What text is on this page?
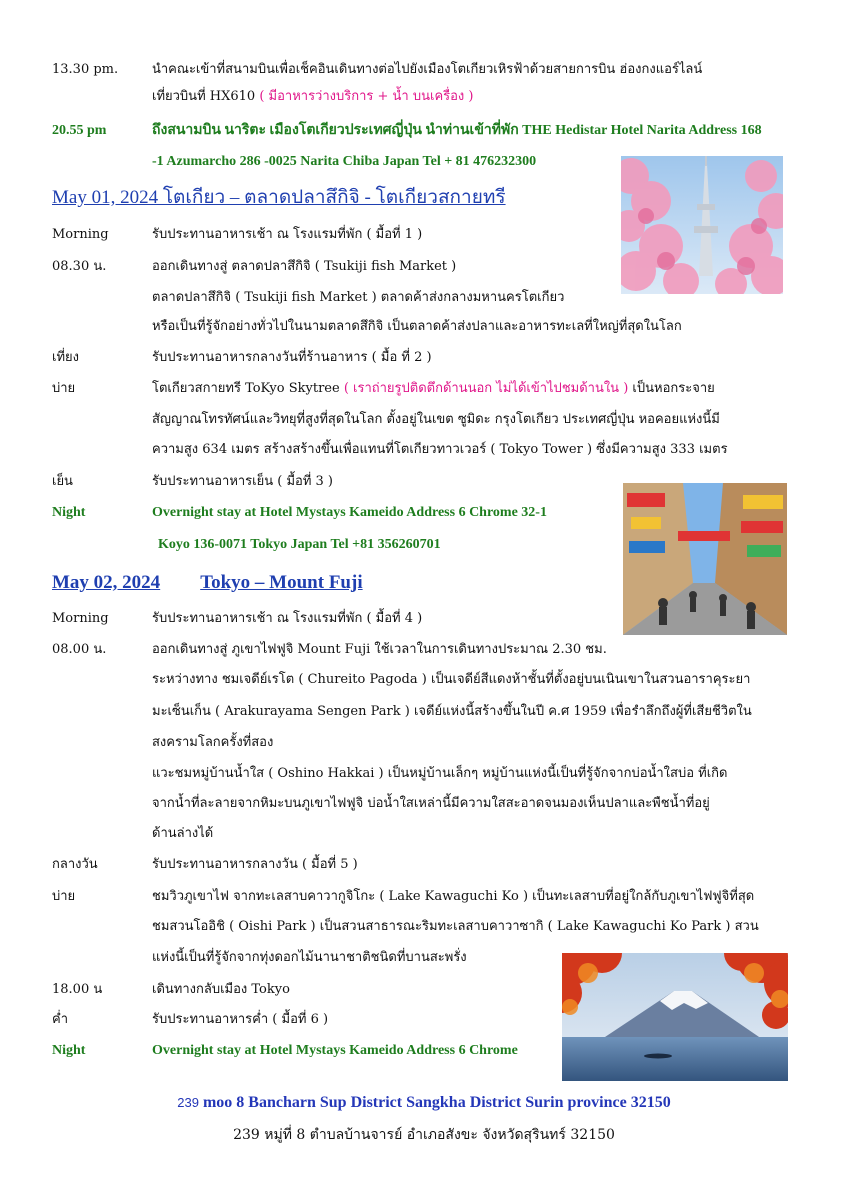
13.30 pm.	นำคณะเข้าที่สนามบินเพื่อเช็คอินเดินทางต่อไปยังเมืองโตเกียวเหิรฟ้าด้วยสายการบิน ฮ่องกงแอร์ไลน์
เที่ยวบินที่ HX610 ( มีอาหารว่างบริการ + น้ำ บนเครื่อง )
20.55 pm	ถึงสนามบิน นาริตะ เมืองโตเกียวประเทศญี่ปุ่น นำท่านเข้าที่พัก THE Hedistar Hotel Narita Address 168
-1 Azumarcho 286 -0025 Narita Chiba Japan Tel + 81 476232300
May 01, 2024 โตเกียว – ตลาดปลาสึกิจิ - โตเกียวสกายทรี
Morning	รับประทานอาหารเช้า ณ โรงแรมที่พัก ( มื้อที่ 1 )
08.30 น.	ออกเดินทางสู่ ตลาดปลาสึกิจิ ( Tsukiji fish Market )
ตลาดปลาสึกิจิ ( Tsukiji fish Market ) ตลาดค้าส่งกลางมหานครโตเกียว
หรือเป็นที่รู้จักอย่างทั่วไปในนามตลาดสึกิจิ เป็นตลาดค้าส่งปลาและอาหารทะเลที่ใหญ่ที่สุดในโลก
เที่ยง	รับประทานอาหารกลางวันที่ร้านอาหาร ( มื้อ ที่ 2 )
บ่าย	โตเกียวสกายทรี ToKyo Skytree ( เราถ่ายรูปติดตึกด้านนอก ไม่ได้เข้าไปชมด้านใน ) เป็นหอกระจาย
สัญญาณโทรทัศน์และวิทยุที่สูงที่สุดในโลก ตั้งอยู่ในเขต ซูมิดะ กรุงโตเกียว ประเทศญี่ปุ่น หอคอยแห่งนี้มี
ความสูง 634 เมตร สร้างสร้างขึ้นเพื่อแทนที่โตเกียวทาวเวอร์ ( Tokyo Tower ) ซึ่งมีความสูง 333 เมตร
เย็น	รับประทานอาหารเย็น ( มื้อที่ 3 )
Night	Overnight stay at Hotel Mystays Kameido Address 6 Chrome 32-1
Koyo 136-0071 Tokyo Japan Tel +81 356260701
May 02, 2024 Tokyo – Mount Fuji
Morning	รับประทานอาหารเช้า ณ โรงแรมที่พัก ( มื้อที่ 4 )
08.00 น.	ออกเดินทางสู่ ภูเขาไฟฟูจิ Mount Fuji ใช้เวลาในการเดินทางประมาณ 2.30 ชม.
ระหว่างทาง ชมเจดีย์เรโต ( Chureito Pagoda ) เป็นเจดีย์สีแดงห้าชั้นที่ตั้งอยู่บนเนินเขาในสวนอาราคุระยา
มะเซ็นเก็น ( Arakurayama Sengen Park ) เจดีย์แห่งนี้สร้างขึ้นในปี ค.ศ 1959 เพื่อรำลึกถึงผู้ที่เสียชีวิตใน
สงครามโลกครั้งที่สอง
แวะชมหมู่บ้านน้ำใส ( Oshino Hakkai ) เป็นหมู่บ้านเล็กๆ หมู่บ้านแห่งนี้เป็นที่รู้จักจากบ่อน้ำใสบ่อ ที่เกิด
จากน้ำที่ละลายจากหิมะบนภูเขาไฟฟูจิ บ่อน้ำใสเหล่านี้มีความใสสะอาดจนมองเห็นปลาและพืชน้ำที่อยู่
ด้านล่างได้
กลางวัน	รับประทานอาหารกลางวัน ( มื้อที่ 5 )
บ่าย	ชมวิวภูเขาไฟ จากทะเลสาบคาวากูจิโกะ ( Lake Kawaguchi Ko ) เป็นทะเลสาบที่อยู่ใกล้กับภูเขาไฟฟูจิที่สุด
ชมสวนโออิชิ ( Oishi Park ) เป็นสวนสาธารณะริมทะเลสาบคาวาซากิ ( Lake Kawaguchi Ko Park ) สวน
แห่งนี้เป็นที่รู้จักจากทุ่งดอกไม้นานาชาติชนิดที่บานสะพรั่ง
18.00 น	เดินทางกลับเมือง Tokyo
ค่ำ	รับประทานอาหารค่ำ ( มื้อที่ 6 )
Night	Overnight stay at Hotel Mystays Kameido Address 6 Chrome
239 moo 8 Bancharn Sup District Sangkha District Surin province 32150
239 หมู่ที่ 8 ตำบลบ้านจารย์ อำเภอสังขะ จังหวัดสุรินทร์ 32150
